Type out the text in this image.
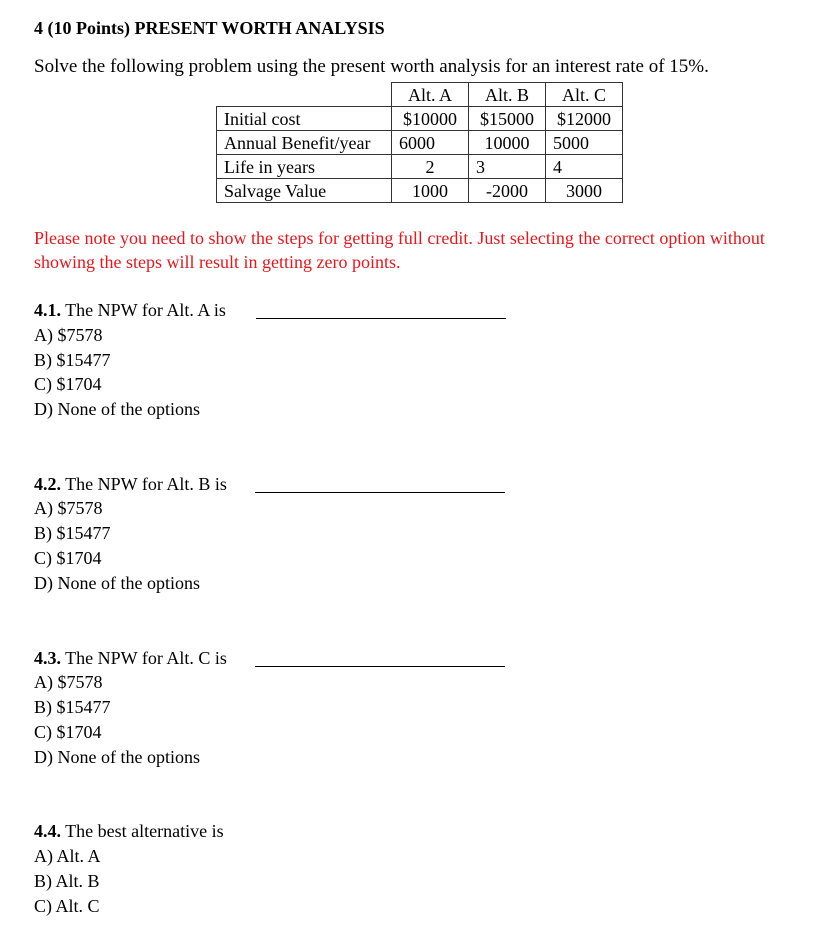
4 (10 Points) PRESENT WORTH ANALYSIS
Solve the following problem using the present worth analysis for an interest rate of 15%.
	Alt. A	Alt. B	Alt. C
Initial cost	$10000	$15000	$12000
Annual Benefit/year	6000	10000	5000
Life in years	2	3	4
Salvage Value	1000	-2000	3000
Please note you need to show the steps for getting full credit. Just selecting the correct option without showing the steps will result in getting zero points.
4.1. The NPW for Alt. A is
A) $7578
B) $15477
C) $1704
D) None of the options
4.2. The NPW for Alt. B is
A) $7578
B) $15477
C) $1704
D) None of the options
4.3. The NPW for Alt. C is
A) $7578
B) $15477
C) $1704
D) None of the options
4.4. The best alternative is
A) Alt. A
B) Alt. B
C) Alt. C
